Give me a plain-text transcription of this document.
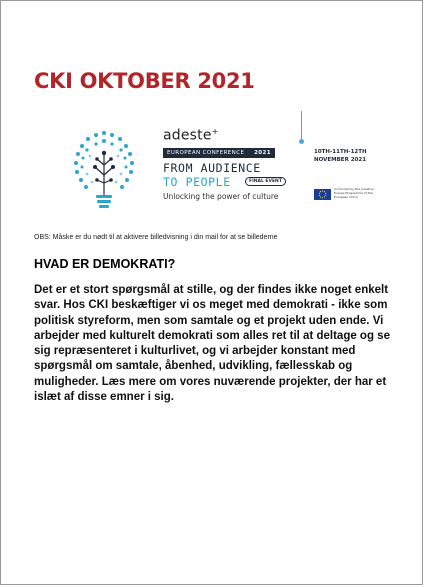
CKI OKTOBER 2021
adeste+
EUROPEAN CONFERENCE 2021
FROM AUDIENCE
TO PEOPLE	FINAL EVENT
Unlocking the power of culture
10TH-11TH-12TH
NOVEMBER 2021
Co-funded by the Creative Europe Programme of the European Union
OBS: Måske er du nødt til at aktivere billedvisning i din mail for at se billederne
HVAD ER DEMOKRATI?

Det er et stort spørgsmål at stille, og der findes ikke noget enkelt svar. Hos CKI beskæftiger vi os meget med demokrati - ikke som politisk styreform, men som samtale og et projekt uden ende. Vi arbejder med kulturelt demokrati som alles ret til at deltage og se sig repræsenteret i kulturlivet, og vi arbejder konstant med spørgsmål om samtale, åbenhed, udvikling, fællesskab og muligheder. Læs mere om vores nuværende projekter, der har et islæt af disse emner i sig.
